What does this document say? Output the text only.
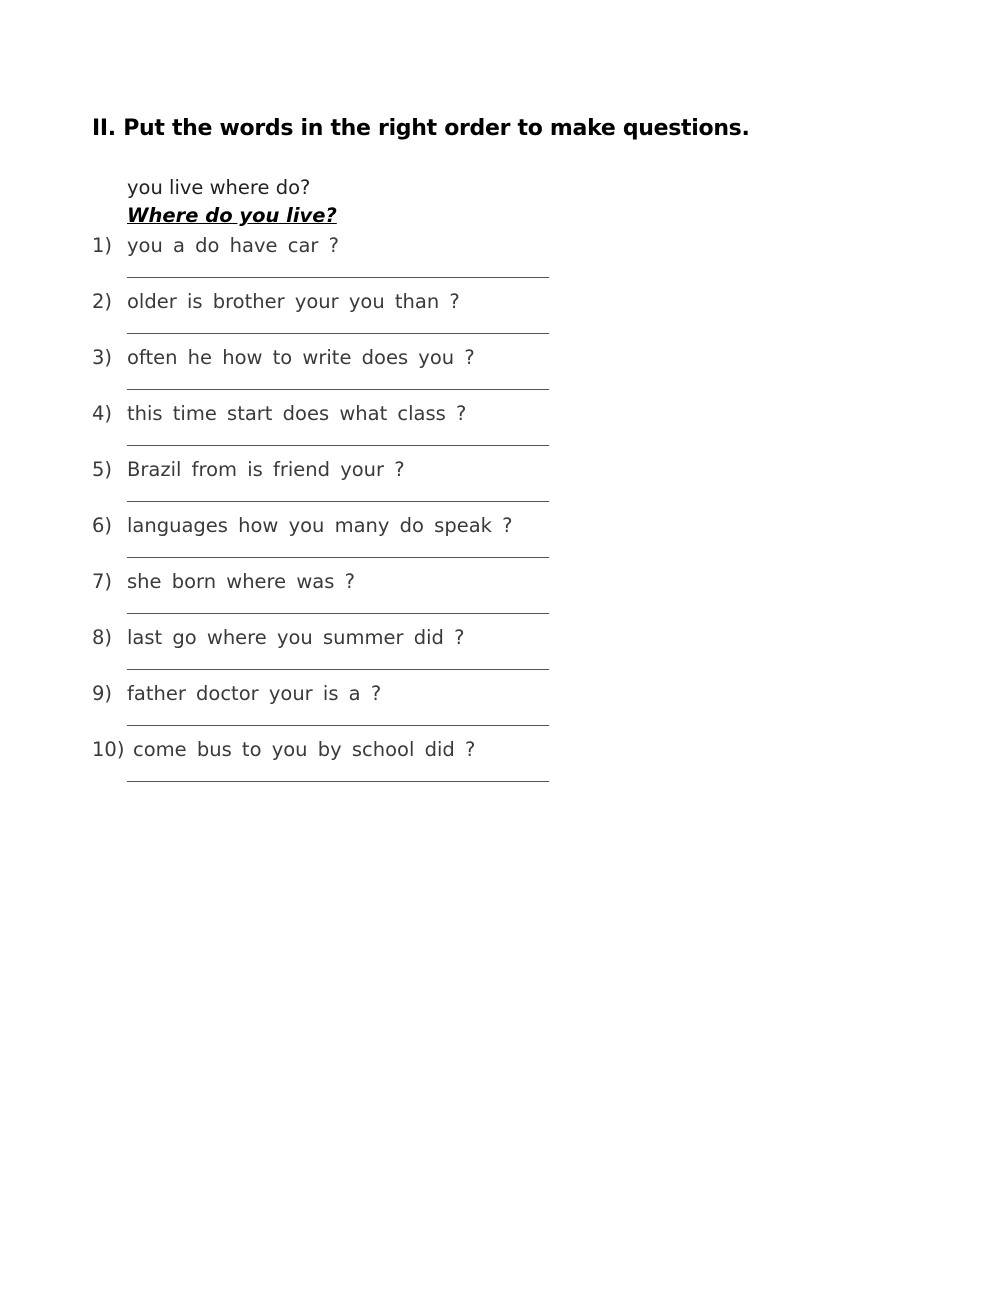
II. Put the words in the right order to make questions.
you live where do?
Where do you live?
1) you a do have car ?
2) older is brother your you than ?
3) often he how to write does you ?
4) this time start does what class ?
5) Brazil from is friend your ?
6) languages how you many do speak ?
7) she born where was ?
8) last go where you summer did ?
9) father doctor your is a ?
10) come bus to you by school did ?
